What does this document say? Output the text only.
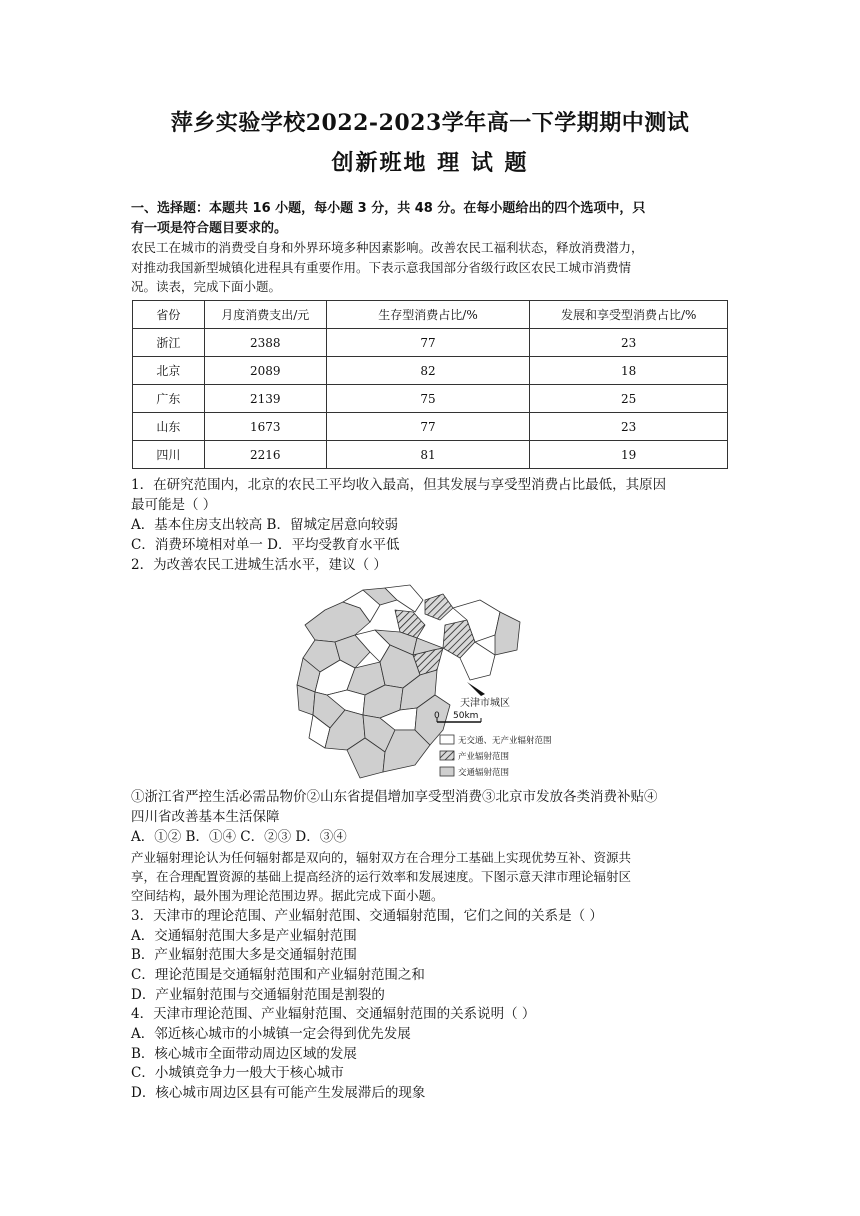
萍乡实验学校2022-2023学年高一下学期期中测试
创新班地 理 试 题
一、选择题：本题共 16 小题，每小题 3 分，共 48 分。在每小题给出的四个选项中，只
有一项是符合题目要求的。
农民工在城市的消费受自身和外界环境多种因素影响。改善农民工福利状态，释放消费潜力，
对推动我国新型城镇化进程具有重要作用。下表示意我国部分省级行政区农民工城市消费情
况。读表，完成下面小题。
省份	月度消费支出/元	生存型消费占比/%	发展和享受型消费占比/%
浙江	2388	77	23
北京	2089	82	18
广东	2139	75	25
山东	1673	77	23
四川	2216	81	19
1．在研究范围内，北京的农民工平均收入最高，但其发展与享受型消费占比最低，其原因
最可能是（ ）
A．基本住房支出较高 B．留城定居意向较弱
C．消费环境相对单一 D．平均受教育水平低
2．为改善农民工进城生活水平，建议（ ）
天津市城区
0 50km
无交通、无产业辐射范围
产业辐射范围
交通辐射范围
①浙江省严控生活必需品物价②山东省提倡增加享受型消费③北京市发放各类消费补贴④
四川省改善基本生活保障
A．①② B．①④ C．②③ D．③④
产业辐射理论认为任何辐射都是双向的，辐射双方在合理分工基础上实现优势互补、资源共
享，在合理配置资源的基础上提高经济的运行效率和发展速度。下图示意天津市理论辐射区
空间结构，最外围为理论范围边界。据此完成下面小题。
3．天津市的理论范围、产业辐射范围、交通辐射范围，它们之间的关系是（ ）
A．交通辐射范围大多是产业辐射范围
B．产业辐射范围大多是交通辐射范围
C．理论范围是交通辐射范围和产业辐射范围之和
D．产业辐射范围与交通辐射范围是割裂的
4．天津市理论范围、产业辐射范围、交通辐射范围的关系说明（ ）
A．邻近核心城市的小城镇一定会得到优先发展
B．核心城市全面带动周边区域的发展
C．小城镇竞争力一般大于核心城市
D．核心城市周边区县有可能产生发展滞后的现象
